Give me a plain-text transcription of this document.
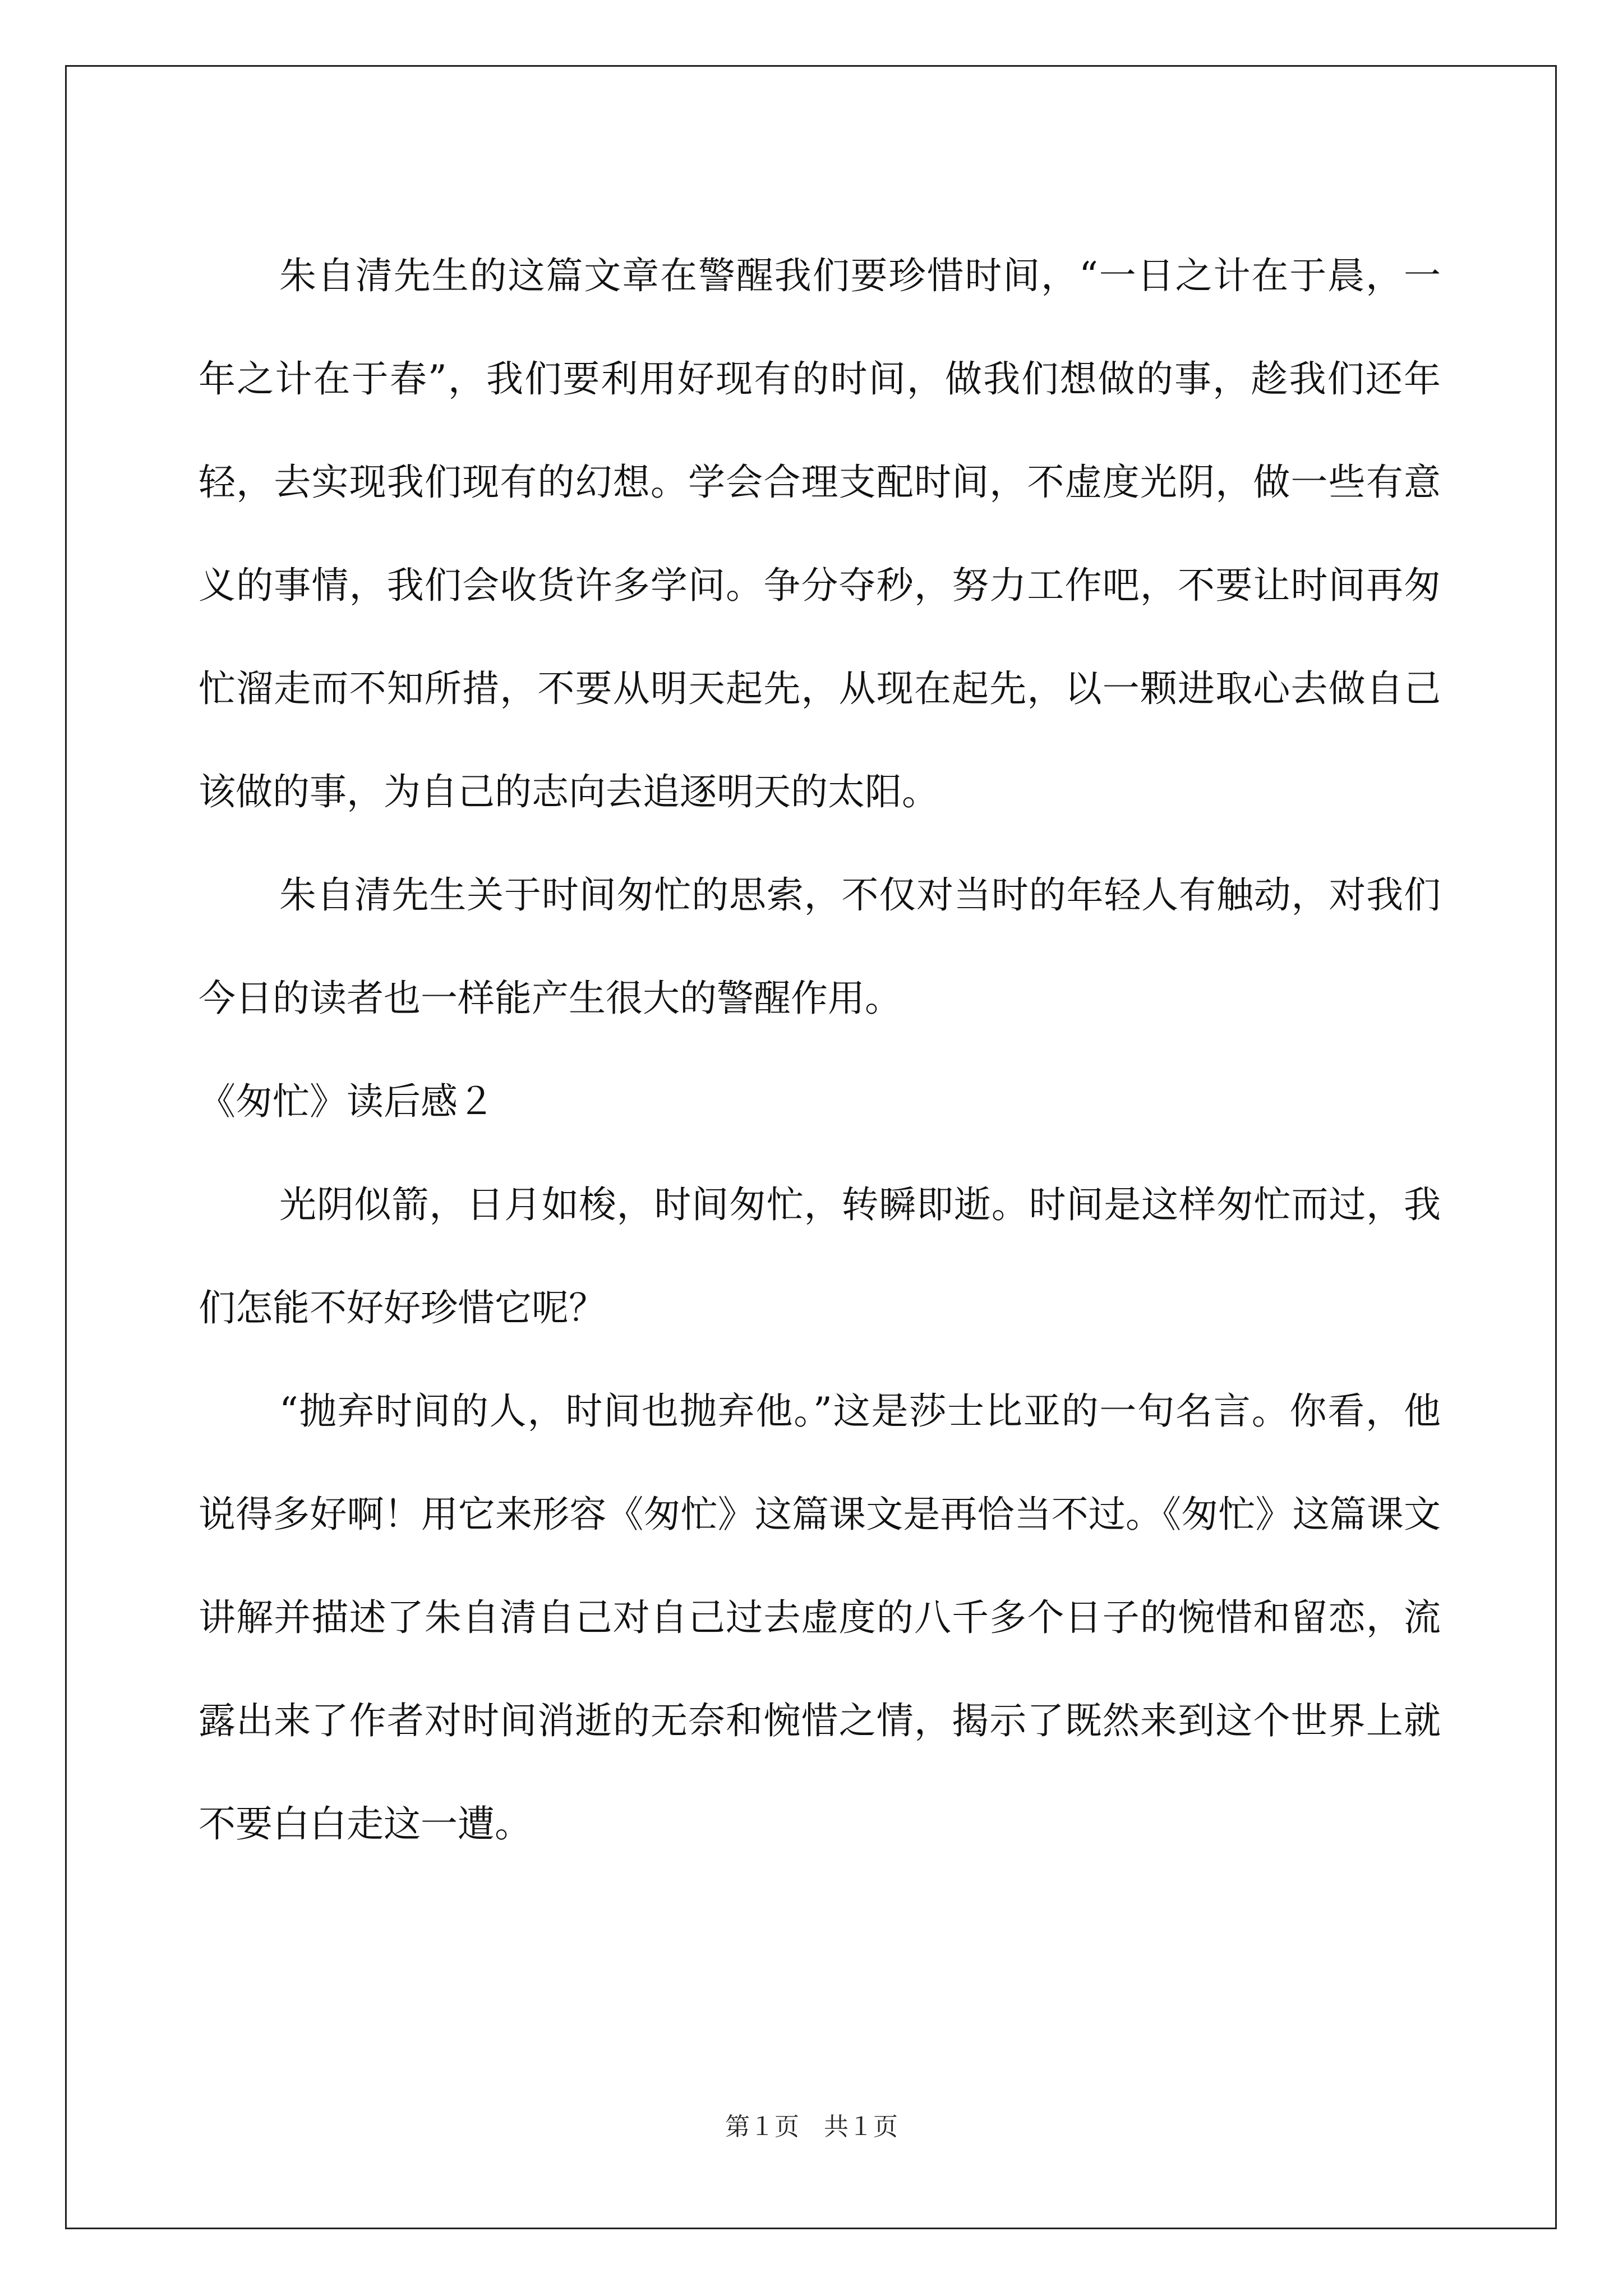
朱自清先生的这篇文章在警醒我们要珍惜时间，“一日之计在于晨，一年之计在于春”，我们要利用好现有的时间，做我们想做的事，趁我们还年轻，去实现我们现有的幻想。学会合理支配时间，不虚度光阴，做一些有意义的事情，我们会收货许多学问。争分夺秒，努力工作吧，不要让时间再匆忙溜走而不知所措，不要从明天起先，从现在起先，以一颗进取心去做自己该做的事，为自己的志向去追逐明天的太阳。

朱自清先生关于时间匆忙的思索，不仅对当时的年轻人有触动，对我们今日的读者也一样能产生很大的警醒作用。

《匆忙》读后感２

光阴似箭，日月如梭，时间匆忙，转瞬即逝。时间是这样匆忙而过，我们怎能不好好珍惜它呢？

“抛弃时间的人，时间也抛弃他。”这是莎士比亚的一句名言。你看，他说得多好啊！用它来形容《匆忙》这篇课文是再恰当不过。《匆忙》这篇课文讲解并描述了朱自清自己对自己过去虚度的八千多个日子的惋惜和留恋，流露出来了作者对时间消逝的无奈和惋惜之情，揭示了既然来到这个世界上就不要白白走这一遭。

第１页　共１页
